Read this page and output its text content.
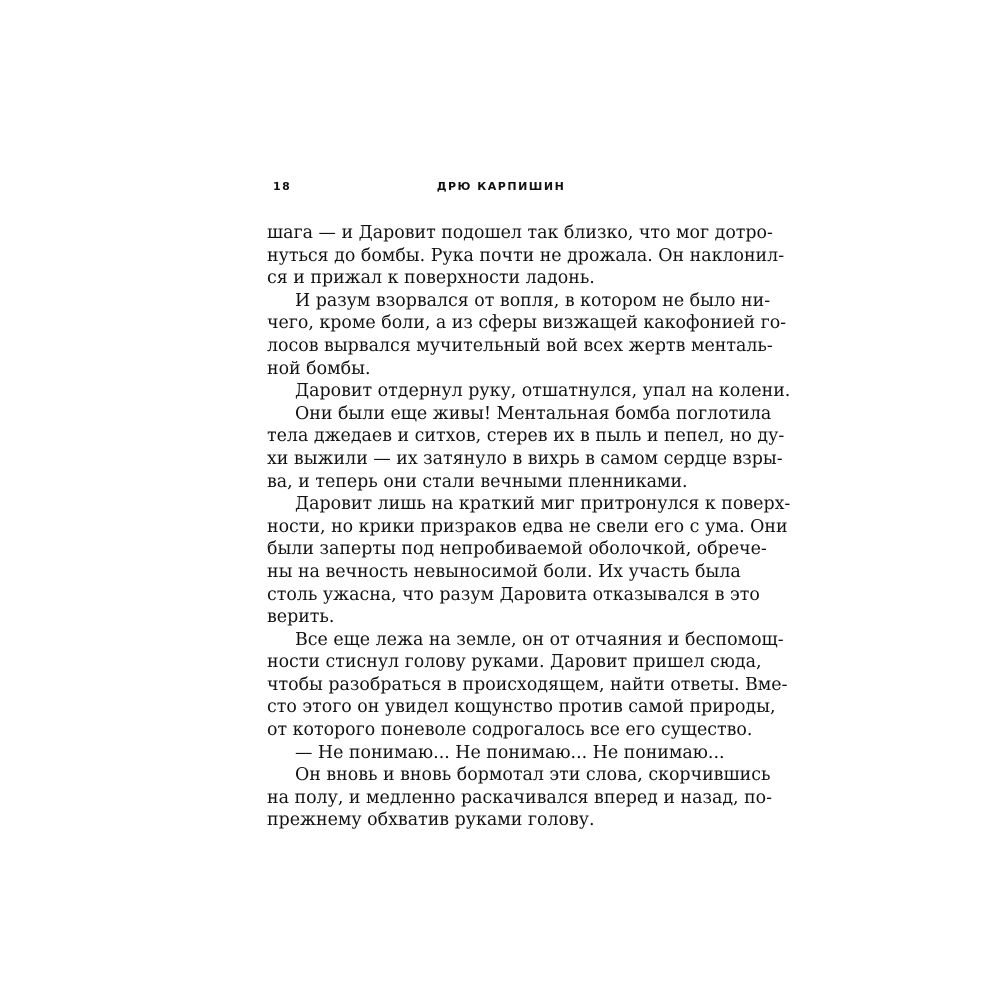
18	ДРЮ КАРПИШИН
шага — и Даровит подошел так близко, что мог дотро-
нуться до бомбы. Рука почти не дрожала. Он наклонил-
ся и прижал к поверхности ладонь.
И разум взорвался от вопля, в котором не было ни-
чего, кроме боли, а из сферы визжащей какофонией го-
лосов вырвался мучительный вой всех жертв менталь-
ной бомбы.
Даровит отдернул руку, отшатнулся, упал на колени.
Они были еще живы! Ментальная бомба поглотила
тела джедаев и ситхов, стерев их в пыль и пепел, но ду-
хи выжили — их затянуло в вихрь в самом сердце взры-
ва, и теперь они стали вечными пленниками.
Даровит лишь на краткий миг притронулся к поверх-
ности, но крики призраков едва не свели его с ума. Они
были заперты под непробиваемой оболочкой, обрече-
ны на вечность невыносимой боли. Их участь была
столь ужасна, что разум Даровита отказывался в это
верить.
Все еще лежа на земле, он от отчаяния и беспомощ-
ности стиснул голову руками. Даровит пришел сюда,
чтобы разобраться в происходящем, найти ответы. Вме-
сто этого он увидел кощунство против самой природы,
от которого поневоле содрогалось все его существо.
— Не понимаю... Не понимаю... Не понимаю...
Он вновь и вновь бормотал эти слова, скорчившись
на полу, и медленно раскачивался вперед и назад, по-
прежнему обхватив руками голову.
